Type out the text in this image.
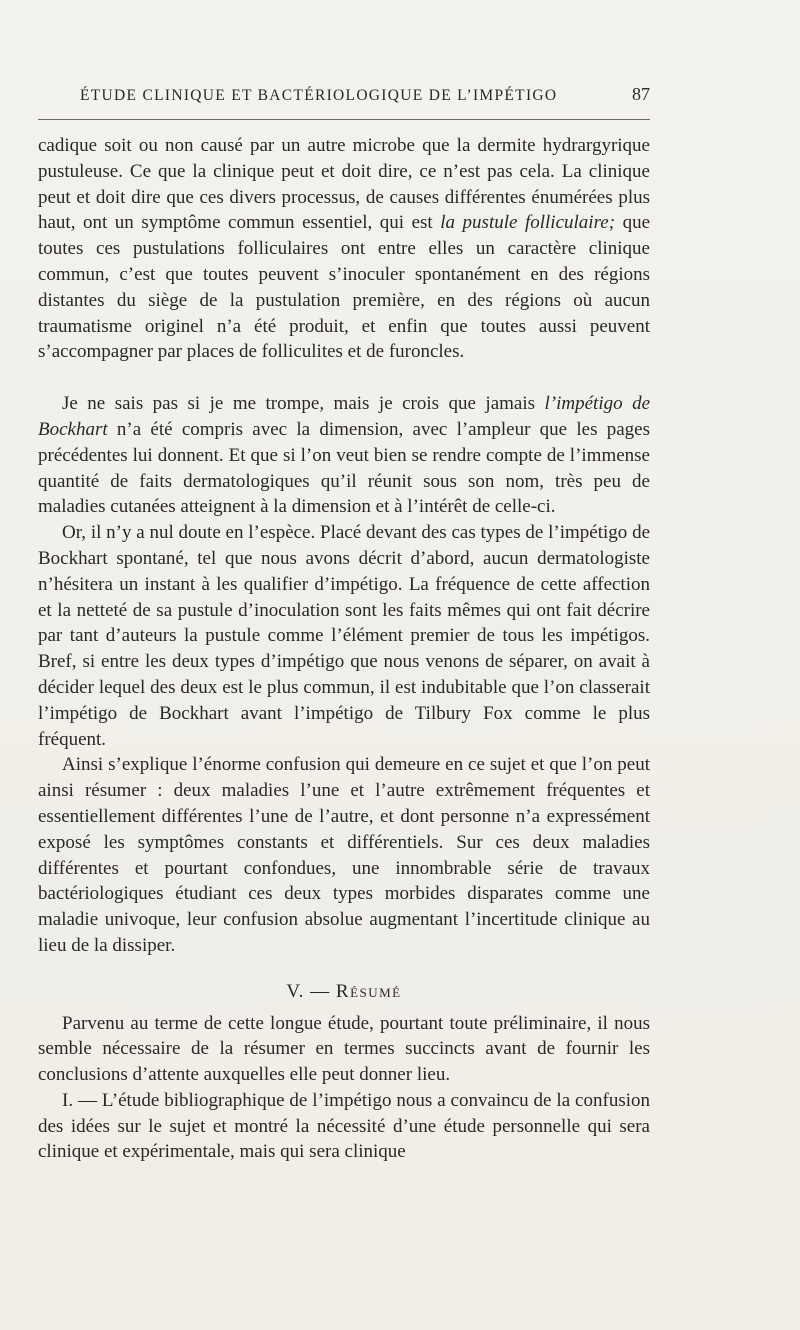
ÉTUDE CLINIQUE ET BACTÉRIOLOGIQUE DE L’IMPÉTIGO	87

cadique soit ou non causé par un autre microbe que la dermite hydrargyrique pustuleuse. Ce que la clinique peut et doit dire, ce n’est pas cela. La clinique peut et doit dire que ces divers processus, de causes différentes énumérées plus haut, ont un symptôme commun essentiel, qui est la pustule folliculaire; que toutes ces pustulations folliculaires ont entre elles un caractère clinique commun, c’est que toutes peuvent s’inoculer spontanément en des régions distantes du siège de la pustulation première, en des régions où aucun traumatisme originel n’a été produit, et enfin que toutes aussi peuvent s’accompagner par places de folliculites et de furoncles.

Je ne sais pas si je me trompe, mais je crois que jamais l’impétigo de Bockhart n’a été compris avec la dimension, avec l’ampleur que les pages précédentes lui donnent. Et que si l’on veut bien se rendre compte de l’immense quantité de faits dermatologiques qu’il réunit sous son nom, très peu de maladies cutanées atteignent à la dimension et à l’intérêt de celle-ci.

Or, il n’y a nul doute en l’espèce. Placé devant des cas types de l’impétigo de Bockhart spontané, tel que nous avons décrit d’abord, aucun dermatologiste n’hésitera un instant à les qualifier d’impétigo. La fréquence de cette affection et la netteté de sa pustule d’inoculation sont les faits mêmes qui ont fait décrire par tant d’auteurs la pustule comme l’élément premier de tous les impétigos. Bref, si entre les deux types d’impétigo que nous venons de séparer, on avait à décider lequel des deux est le plus commun, il est indubitable que l’on classerait l’impétigo de Bockhart avant l’impétigo de Tilbury Fox comme le plus fréquent.

Ainsi s’explique l’énorme confusion qui demeure en ce sujet et que l’on peut ainsi résumer : deux maladies l’une et l’autre extrêmement fréquentes et essentiellement différentes l’une de l’autre, et dont personne n’a expressément exposé les symptômes constants et différentiels. Sur ces deux maladies différentes et pourtant confondues, une innombrable série de travaux bactériologiques étudiant ces deux types morbides disparates comme une maladie univoque, leur confusion absolue augmentant l’incertitude clinique au lieu de la dissiper.

V. — Résumé

Parvenu au terme de cette longue étude, pourtant toute préliminaire, il nous semble nécessaire de la résumer en termes succincts avant de fournir les conclusions d’attente auxquelles elle peut donner lieu.

I. — L’étude bibliographique de l’impétigo nous a convaincu de la confusion des idées sur le sujet et montré la nécessité d’une étude personnelle qui sera clinique et expérimentale, mais qui sera clinique
